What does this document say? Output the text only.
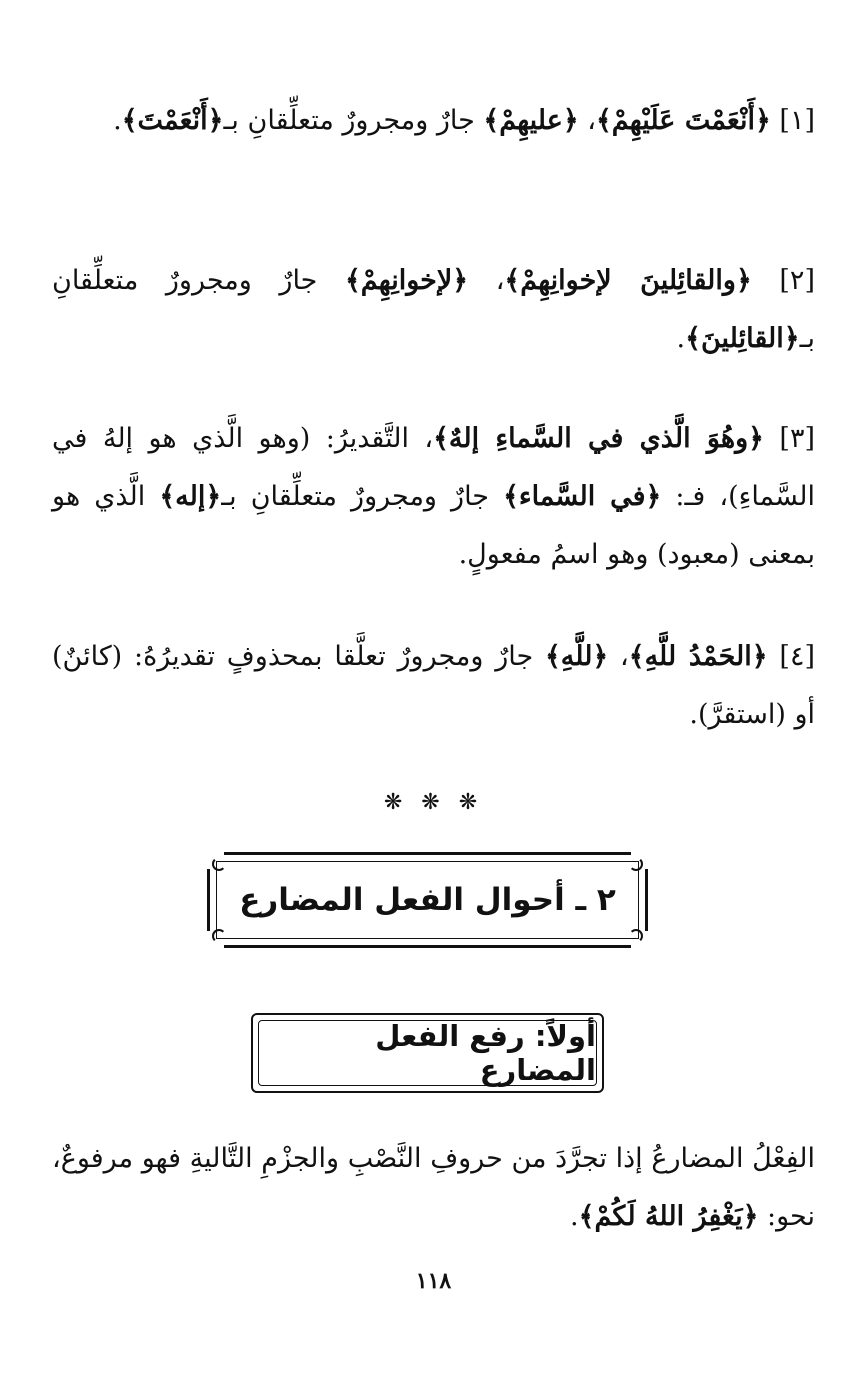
[١] ﴿أَنْعَمْتَ عَلَيْهِمْ﴾، ﴿عليهِمْ﴾ جارٌ ومجرورٌ متعلِّقانِ بـ﴿أَنْعَمْتَ﴾.
[٢] ﴿والقائِلينَ لإخوانِهِمْ﴾، ﴿لإخوانِهِمْ﴾ جارٌ ومجرورٌ متعلِّقانِ بـ﴿القائِلينَ﴾.
[٣] ﴿وهُوَ الَّذي في السَّماءِ إلهٌ﴾، التَّقديرُ: (وهو الَّذي هو إلهُ في السَّماءِ)، فـ: ﴿في السَّماء﴾ جارٌ ومجرورٌ متعلِّقانِ بـ﴿إله﴾ الَّذي هو بمعنى (معبود) وهو اسمُ مفعولٍ.
[٤] ﴿الحَمْدُ للَّهِ﴾، ﴿للَّهِ﴾ جارٌ ومجرورٌ تعلَّقا بمحذوفٍ تقديرُهُ: (كائنٌ) أو (استقرَّ).
❋ ❋ ❋
٢ ـ أحوال الفعل المضارع
أولاً: رفع الفعل المضارع
الفِعْلُ المضارعُ إذا تجرَّدَ من حروفِ النَّصْبِ والجزْمِ التَّاليةِ فهو مرفوعٌ، نحو: ﴿يَغْفِرُ اللهُ لَكُمْ﴾.
١١٨
